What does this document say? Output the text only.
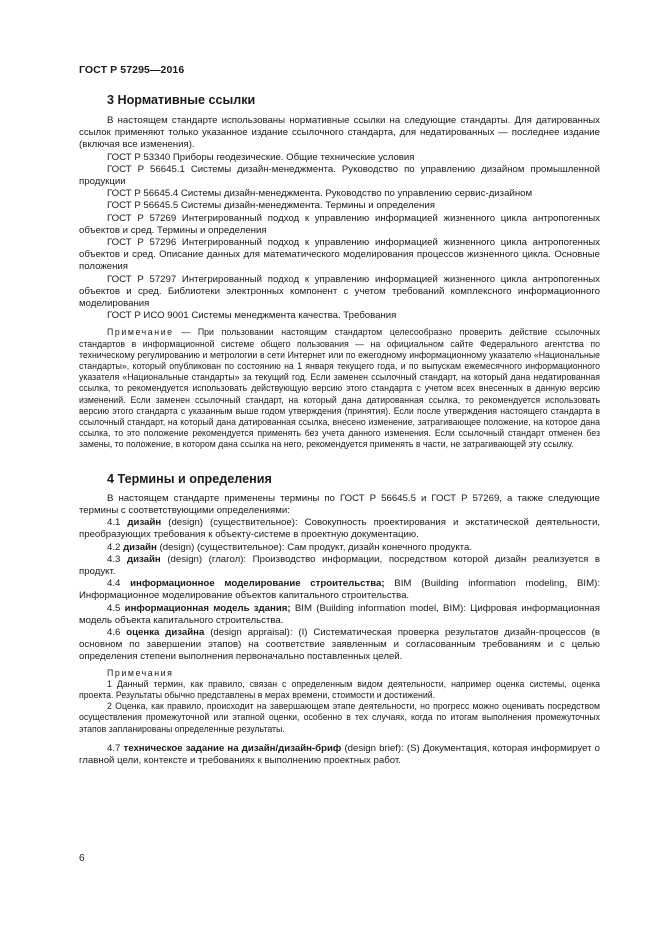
ГОСТ Р 57295—2016
3 Нормативные ссылки

В настоящем стандарте использованы нормативные ссылки на следующие стандарты. Для датированных ссылок применяют только указанное издание ссылочного стандарта, для недатированных — последнее издание (включая все изменения).

ГОСТ Р 53340 Приборы геодезические. Общие технические условия

ГОСТ Р 56645.1 Системы дизайн-менеджмента. Руководство по управлению дизайном промышленной продукции

ГОСТ Р 56645.4 Системы дизайн-менеджмента. Руководство по управлению сервис-дизайном

ГОСТ Р 56645.5 Системы дизайн-менеджмента. Термины и определения

ГОСТ Р 57269 Интегрированный подход к управлению информацией жизненного цикла антропогенных объектов и сред. Термины и определения

ГОСТ Р 57296 Интегрированный подход к управлению информацией жизненного цикла антропогенных объектов и сред. Описание данных для математического моделирования процессов жизненного цикла. Основные положения

ГОСТ Р 57297 Интегрированный подход к управлению информацией жизненного цикла антропогенных объектов и сред. Библиотеки электронных компонент с учетом требований комплексного информационного моделирования

ГОСТ Р ИСО 9001 Системы менеджмента качества. Требования

Примечание — При пользовании настоящим стандартом целесообразно проверить действие ссылочных стандартов в информационной системе общего пользования — на официальном сайте Федерального агентства по техническому регулированию и метрологии в сети Интернет или по ежегодному информационному указателю «Национальные стандарты», который опубликован по состоянию на 1 января текущего года, и по выпускам ежемесячного информационного указателя «Национальные стандарты» за текущий год. Если заменен ссылочный стандарт, на который дана недатированная ссылка, то рекомендуется использовать действующую версию этого стандарта с учетом всех внесенных в данную версию изменений. Если заменен ссылочный стандарт, на который дана датированная ссылка, то рекомендуется использовать версию этого стандарта с указанным выше годом утверждения (принятия). Если после утверждения настоящего стандарта в ссылочный стандарт, на который дана датированная ссылка, внесено изменение, затрагивающее положение, на которое дана ссылка, то это положение рекомендуется применять без учета данного изменения. Если ссылочный стандарт отменен без замены, то положение, в котором дана ссылка на него, рекомендуется применять в части, не затрагивающей эту ссылку.

4 Термины и определения

В настоящем стандарте применены термины по ГОСТ Р 56645.5 и ГОСТ Р 57269, а также следующие термины с соответствующими определениями:

4.1 дизайн (design) (существительное): Совокупность проектирования и экстатической деятельности, преобразующих требования к объекту-системе в проектную документацию.

4.2 дизайн (design) (существительное): Сам продукт, дизайн конечного продукта.

4.3 дизайн (design) (глагол): Производство информации, посредством которой дизайн реализуется в продукт.

4.4 информационное моделирование строительства; BIM (Building information modeling, BIM): Информационное моделирование объектов капитального строительства.

4.5 информационная модель здания; BIM (Building information model, BIM): Цифровая информационная модель объекта капитального строительства.

4.6 оценка дизайна (design appraisal): (I) Систематическая проверка результатов дизайн-процессов (в основном по завершении этапов) на соответствие заявленным и согласованным требованиям и с целью определения степени выполнения первоначально поставленных целей.

Примечания

1 Данный термин, как правило, связан с определенным видом деятельности, например оценка системы, оценка проекта. Результаты обычно представлены в мерах времени, стоимости и достижений.

2 Оценка, как правило, происходит на завершающем этапе деятельности, но прогресс можно оценивать посредством осуществления промежуточной или этапной оценки, особенно в тех случаях, когда по итогам выполнения промежуточных этапов запланированы определенные результаты.

4.7 техническое задание на дизайн/дизайн-бриф (design brief): (S) Документация, которая информирует о главной цели, контексте и требованиях к выполнению проектных работ.

6
